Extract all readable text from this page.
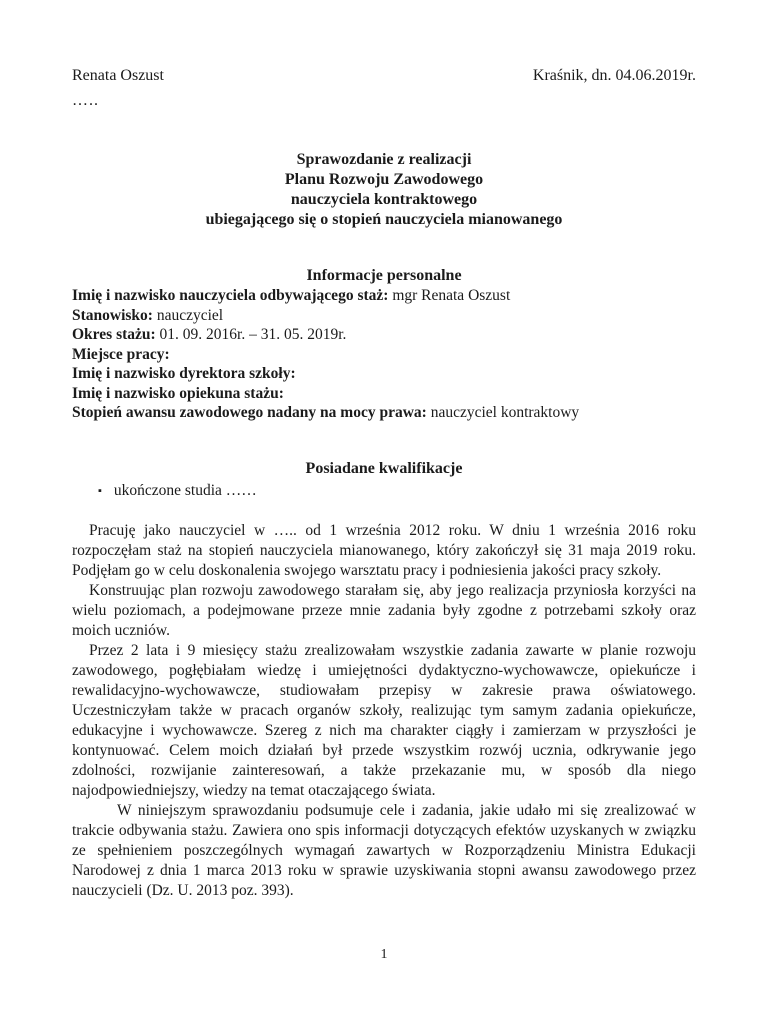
Renata Oszust	Kraśnik, dn. 04.06.2019r.
…..
Sprawozdanie z realizacji
Planu Rozwoju Zawodowego
nauczyciela kontraktowego
ubiegającego się o stopień nauczyciela mianowanego
Informacje personalne
Imię i nazwisko nauczyciela odbywającego staż: mgr Renata Oszust
Stanowisko: nauczyciel
Okres stażu: 01. 09. 2016r. – 31. 05. 2019r.
Miejsce pracy:
Imię i nazwisko dyrektora szkoły:
Imię i nazwisko opiekuna stażu:
Stopień awansu zawodowego nadany na mocy prawa: nauczyciel kontraktowy
Posiadane kwalifikacje
▪ ukończone studia ……

Pracuję jako nauczyciel w ….. od 1 września 2012 roku. W dniu 1 września 2016 roku rozpoczęłam staż na stopień nauczyciela mianowanego, który zakończył się 31 maja 2019 roku. Podjęłam go w celu doskonalenia swojego warsztatu pracy i podniesienia jakości pracy szkoły.

Konstruując plan rozwoju zawodowego starałam się, aby jego realizacja przyniosła korzyści na wielu poziomach, a podejmowane przeze mnie zadania były zgodne z potrzebami szkoły oraz moich uczniów.

Przez 2 lata i 9 miesięcy stażu zrealizowałam wszystkie zadania zawarte w planie rozwoju zawodowego, pogłębiałam wiedzę i umiejętności dydaktyczno-wychowawcze, opiekuńcze i rewalidacyjno-wychowawcze, studiowałam przepisy w zakresie prawa oświatowego. Uczestniczyłam także w pracach organów szkoły, realizując tym samym zadania opiekuńcze, edukacyjne i wychowawcze. Szereg z nich ma charakter ciągły i zamierzam w przyszłości je kontynuować. Celem moich działań był przede wszystkim rozwój ucznia, odkrywanie jego zdolności, rozwijanie zainteresowań, a także przekazanie mu, w sposób dla niego najodpowiedniejszy, wiedzy na temat otaczającego świata.

W niniejszym sprawozdaniu podsumuje cele i zadania, jakie udało mi się zrealizować w trakcie odbywania stażu. Zawiera ono spis informacji dotyczących efektów uzyskanych w związku ze spełnieniem poszczególnych wymagań zawartych w Rozporządzeniu Ministra Edukacji Narodowej z dnia 1 marca 2013 roku w sprawie uzyskiwania stopni awansu zawodowego przez nauczycieli (Dz. U. 2013 poz. 393).

1
